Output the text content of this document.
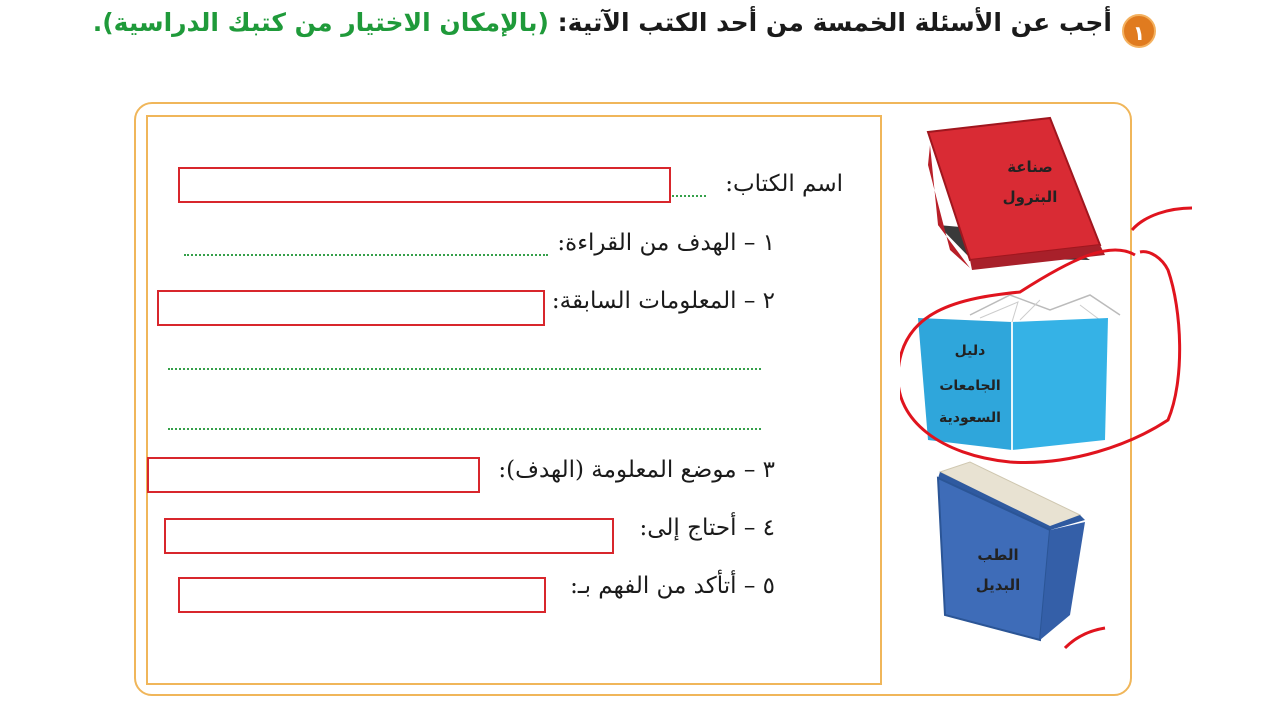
١
أجب عن الأسئلة الخمسة من أحد الكتب الآتية: (بالإمكان الاختيار من كتبك الدراسية).
اسم الكتاب:
١ – الهدف من القراءة:
٢ – المعلومات السابقة:
٣ – موضع المعلومة (الهدف):
٤ – أحتاج إلى:
٥ – أتأكد من الفهم بـ:
صناعة
البترول
دليل
الجامعات
السعودية
الطب
البديل
